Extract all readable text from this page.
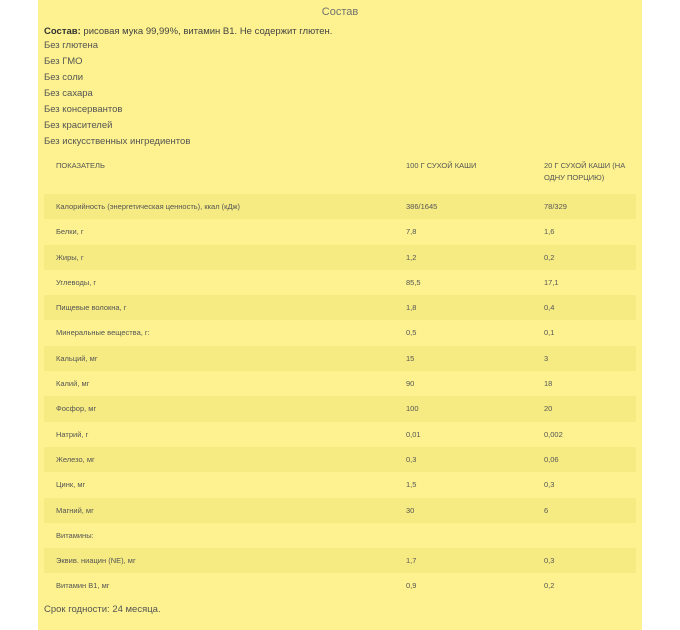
Состав
Состав: рисовая мука 99,99%, витамин В1. Не содержит глютен.
Без глютена
Без ГМО
Без соли
Без сахара
Без консервантов
Без красителей
Без искусственных ингредиентов
ПОКАЗАТЕЛЬ	100 Г СУХОЙ КАШИ	20 Г СУХОЙ КАШИ (НА ОДНУ ПОРЦИЮ)
Калорийность (энергетическая ценность), ккал (кДж)	386/1645	78/329
Белки, г	7,8	1,6
Жиры, г	1,2	0,2
Углеводы, г	85,5	17,1
Пищевые волокна, г	1,8	0,4
Минеральные вещества, г:	0,5	0,1
Кальций, мг	15	3
Калий, мг	90	18
Фосфор, мг	100	20
Натрий, г	0,01	0,002
Железо, мг	0,3	0,06
Цинк, мг	1,5	0,3
Магний, мг	30	6
Витамины:		
Эквив. ниацин (NE), мг	1,7	0,3
Витамин В1, мг	0,9	0,2
Срок годности: 24 месяца.
